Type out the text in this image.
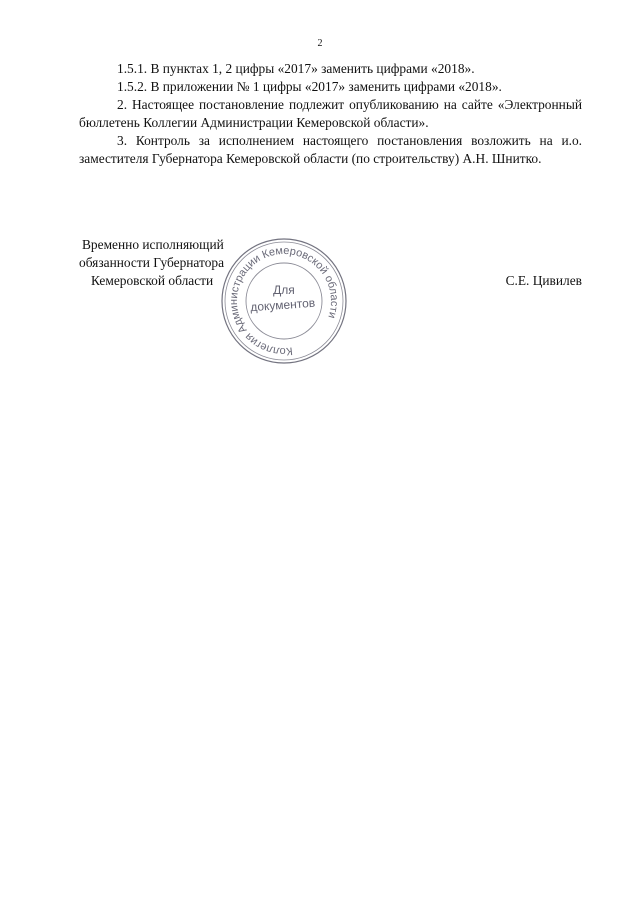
2

1.5.1. В пунктах 1, 2 цифры «2017» заменить цифрами «2018».

1.5.2. В приложении № 1 цифры «2017» заменить цифрами «2018».

2. Настоящее постановление подлежит опубликованию на сайте «Электронный бюллетень Коллегии Администрации Кемеровской области».

3. Контроль за исполнением настоящего постановления возложить на и.о. заместителя Губернатора Кемеровской области (по строительству) А.Н. Шнитко.

Временно исполняющий
обязанности Губернатора
Кемеровской области	С.Е. Цивилев
Коллегия Администрации Кемеровской области
Для
документов
